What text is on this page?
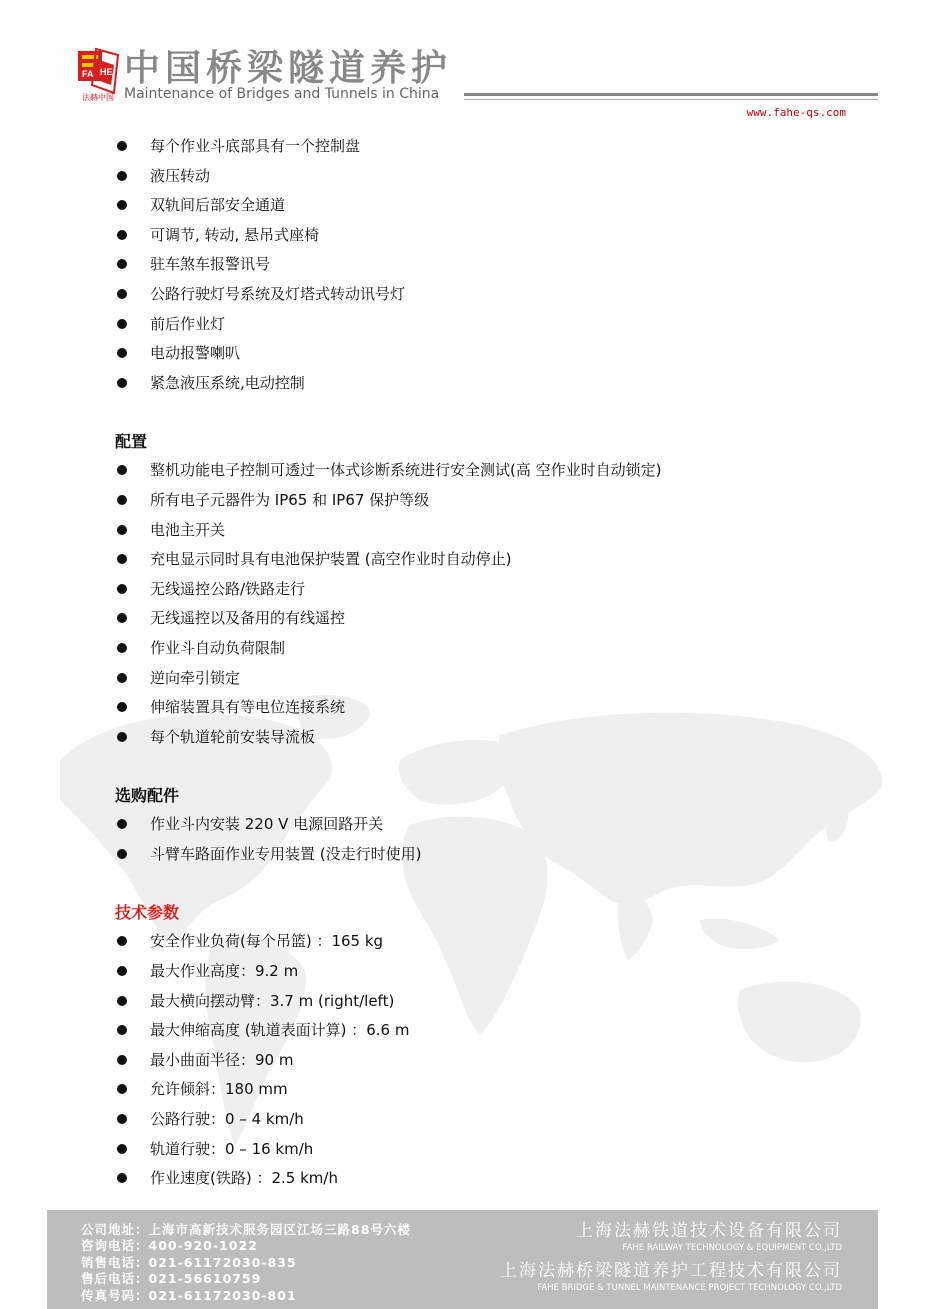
FA HE
法赫中国
中国桥梁隧道养护
Maintenance of Bridges and Tunnels in China
www.fahe-qs.com
每个作业斗底部具有一个控制盘
液压转动
双轨间后部安全通道
可调节, 转动, 悬吊式座椅
驻车煞车报警讯号
公路行驶灯号系统及灯塔式转动讯号灯
前后作业灯
电动报警喇叭
紧急液压系统,电动控制
配置
整机功能电子控制可透过一体式诊断系统进行安全测试(高 空作业时自动锁定)
所有电子元器件为 IP65 和 IP67 保护等级
电池主开关
充电显示同时具有电池保护装置 (高空作业时自动停止)
无线遥控公路/铁路走行
无线遥控以及备用的有线遥控
作业斗自动负荷限制
逆向牵引锁定
伸缩装置具有等电位连接系统
每个轨道轮前安装导流板
选购配件
作业斗内安装 220 V 电源回路开关
斗臂车路面作业专用装置 (没走行时使用)
技术参数
安全作业负荷(每个吊篮) ：165 kg
最大作业高度：9.2 m
最大横向摆动臂：3.7 m (right/left)
最大伸缩高度 (轨道表面计算) ：6.6 m
最小曲面半径：90 m
允许倾斜：180 mm
公路行驶：0 – 4 km/h
轨道行驶：0 – 16 km/h
作业速度(铁路) ：2.5 km/h
公司地址：上海市高新技术服务园区江场三路88号六楼
咨询电话：400-920-1022
销售电话：021-61172030-835
售后电话：021-56610759
传真号码：021-61172030-801
上海法赫铁道技术设备有限公司
FAHE RAILWAY TECHNOLOGY & EQUIPMENT CO.,LTD
上海法赫桥梁隧道养护工程技术有限公司
FAHE BRIDGE & TUNNEL MAINTENANCE PROJECT TECHNOLOGY CO.,LTD
